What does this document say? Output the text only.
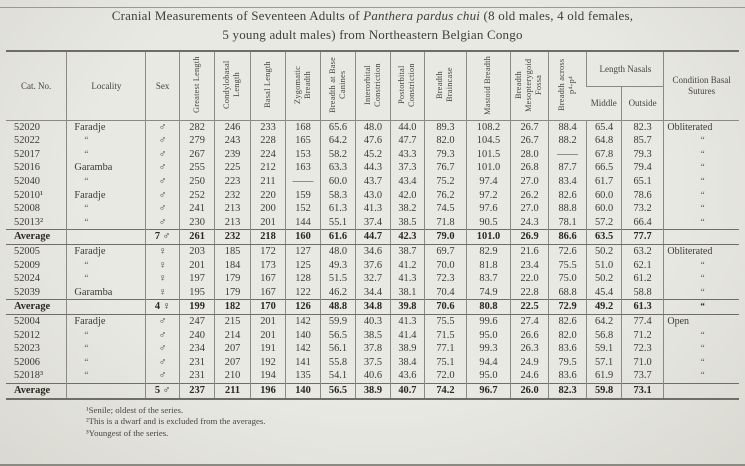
Cranial Measurements of Seventeen Adults of Panthera pardus chui (8 old males, 4 old females,
5 young adult males) from Northeastern Belgian Congo
Cat. No.	Locality	Sex	Greatest Length	Condylobasal Length	Basal Length	Zygomatic Breadth	Breadth at Base Canines	Interorbital Constriction	Postorbital Constriction	Breadth Braincase	Mastoid Breadth	Breadth Mesopterygoid Fossa	Breadth across p⁴-p⁴	Length Nasals		Condition Basal Sutures
														Middle	Outside	
52020	Faradje	♂	282	246	233	168	65.6	48.0	44.0	89.3	108.2	26.7	88.4	65.4	82.3	Obliterated
52022	“	♂	279	243	228	165	64.2	47.6	47.7	82.0	104.5	26.7	88.2	64.8	85.7	“
52017	“	♂	267	239	224	153	58.2	45.2	43.3	79.3	101.5	28.0	——	67.8	79.3	“
52016	Garamba	♂	255	225	212	163	63.3	44.3	37.3	76.7	101.0	26.8	87.7	66.5	79.4	“
52040	“	♂	250	223	211	——	60.0	43.7	43.4	75.2	97.4	27.0	83.4	61.7	65.1	“
52010¹	Faradje	♂	252	232	220	159	58.3	43.0	42.0	76.2	97.2	26.2	82.6	60.0	78.6	“
52008	“	♂	241	213	200	152	61.3	41.3	38.2	74.5	97.6	27.0	88.8	60.0	73.2	“
52013²	“	♂	230	213	201	144	55.1	37.4	38.5	71.8	90.5	24.3	78.1	57.2	66.4	“
Average		7 ♂	261	232	218	160	61.6	44.7	42.3	79.0	101.0	26.9	86.6	63.5	77.7	
52005	Faradje	♀	203	185	172	127	48.0	34.6	38.7	69.7	82.9	21.6	72.6	50.2	63.2	Obliterated
52009	“	♀	201	184	173	125	49.3	37.6	41.2	70.0	81.8	23.4	75.5	51.0	62.1	“
52024	“	♀	197	179	167	128	51.5	32.7	41.3	72.3	83.7	22.0	75.0	50.2	61.2	“
52039	Garamba	♀	195	179	167	122	46.2	34.4	38.1	70.4	74.9	22.8	68.8	45.4	58.8	“
Average		4 ♀	199	182	170	126	48.8	34.8	39.8	70.6	80.8	22.5	72.9	49.2	61.3	“
52004	Faradje	♂	247	215	201	142	59.9	40.3	41.3	75.5	99.6	27.4	82.6	64.2	77.4	Open
52012	“	♂	240	214	201	140	56.5	38.5	41.4	71.5	95.0	26.6	82.0	56.8	71.2	“
52023	“	♂	234	207	191	142	56.1	37.8	38.9	77.1	99.3	26.3	83.6	59.1	72.3	“
52006	“	♂	231	207	192	141	55.8	37.5	38.4	75.1	94.4	24.9	79.5	57.1	71.0	“
52018³	“	♂	231	210	194	135	54.1	40.6	43.6	72.0	95.0	24.6	83.6	61.9	73.7	“
Average		5 ♂	237	211	196	140	56.5	38.9	40.7	74.2	96.7	26.0	82.3	59.8	73.1	
¹Senile; oldest of the series.
²This is a dwarf and is excluded from the averages.
³Youngest of the series.
